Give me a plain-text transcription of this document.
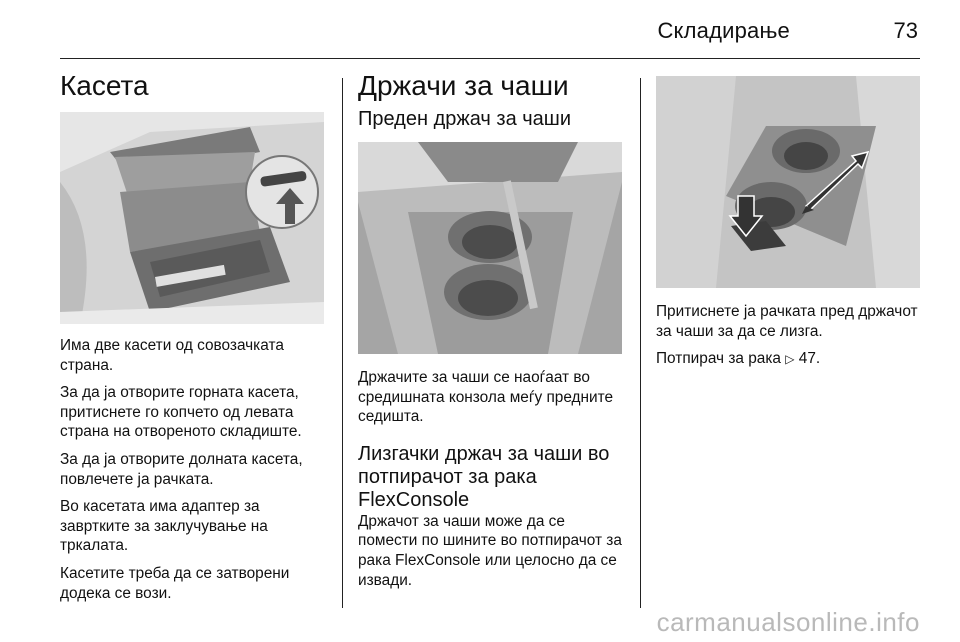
Складирање	73
Касета

Има две касети од совозачката страна.

За да ја отворите горната касета, притиснете го копчето од левата страна на отвореното складиште.

За да ја отворите долната касета, повлечете ја рачката.

Во касетата има адаптер за завртките за заклучување на тркалата.

Касетите треба да се затворени додека се вози.

Држачи за чаши
Преден држач за чаши

Држачите за чаши се наоѓаат во средишната конзола меѓу предните седишта.

Лизгачки држач за чаши во потпирачот за рака FlexConsole

Држачот за чаши може да се помести по шините во потпирачот за рака FlexConsole или целосно да се извади.

Притиснете ја рачката пред држачот за чаши за да се лизга.

Потпирач за рака ▷ 47.

carmanualsonline.info
